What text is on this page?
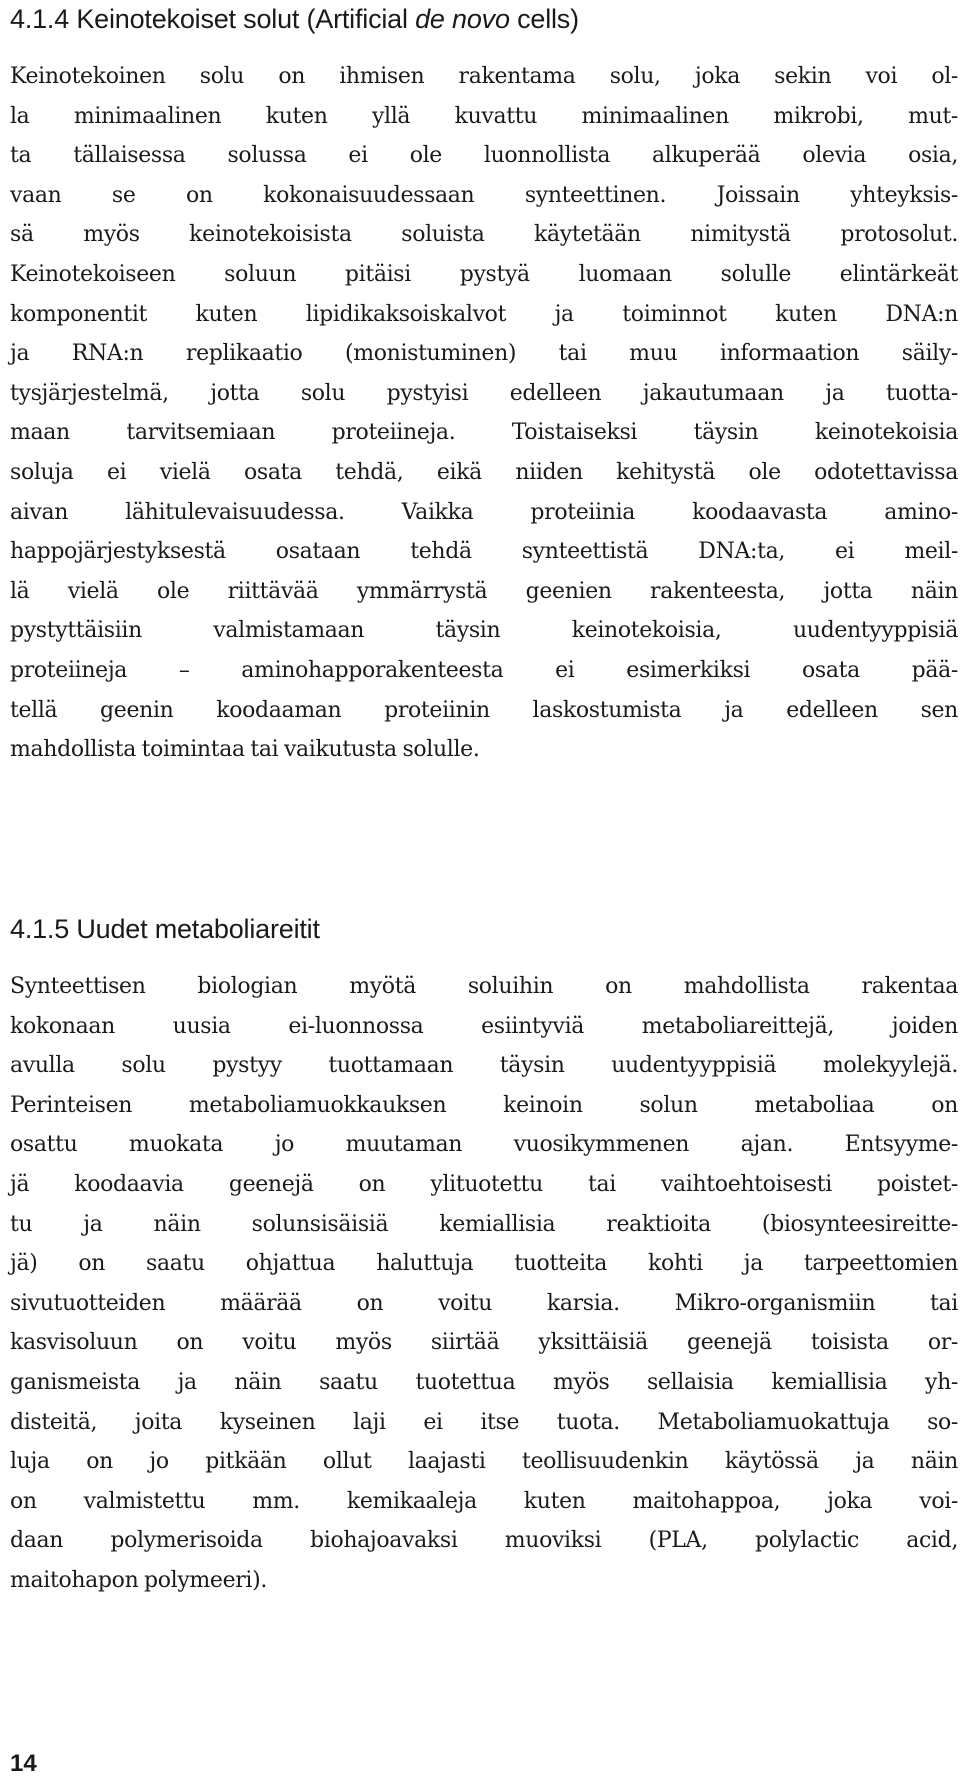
4.1.4 Keinotekoiset solut (Artificial de novo cells)

Keinotekoinen solu on ihmisen rakentama solu, joka sekin voi ol-
la minimaalinen kuten yllä kuvattu minimaalinen mikrobi, mut-
ta tällaisessa solussa ei ole luonnollista alkuperää olevia osia,
vaan se on kokonaisuudessaan synteettinen. Joissain yhteyksis-
sä myös keinotekoisista soluista käytetään nimitystä protosolut.
Keinotekoiseen soluun pitäisi pystyä luomaan solulle elintärkeät
komponentit kuten lipidikaksoiskalvot ja toiminnot kuten DNA:n
ja RNA:n replikaatio (monistuminen) tai muu informaation säily-
tysjärjestelmä, jotta solu pystyisi edelleen jakautumaan ja tuotta-
maan tarvitsemiaan proteiineja. Toistaiseksi täysin keinotekoisia
soluja ei vielä osata tehdä, eikä niiden kehitystä ole odotettavissa
aivan lähitulevaisuudessa. Vaikka proteiinia koodaavasta amino-
happojärjestyksestä osataan tehdä synteettistä DNA:ta, ei meil-
lä vielä ole riittävää ymmärrystä geenien rakenteesta, jotta näin
pystyttäisiin valmistamaan täysin keinotekoisia, uudentyyppisiä
proteiineja – aminohapporakenteesta ei esimerkiksi osata pää-
tellä geenin koodaaman proteiinin laskostumista ja edelleen sen
mahdollista toimintaa tai vaikutusta solulle.

4.1.5 Uudet metaboliareitit

Synteettisen biologian myötä soluihin on mahdollista rakentaa
kokonaan uusia ei-luonnossa esiintyviä metaboliareittejä, joiden
avulla solu pystyy tuottamaan täysin uudentyyppisiä molekyylejä.
Perinteisen metaboliamuokkauksen keinoin solun metaboliaa on
osattu muokata jo muutaman vuosikymmenen ajan. Entsyyme-
jä koodaavia geenejä on ylituotettu tai vaihtoehtoisesti poistet-
tu ja näin solunsisäisiä kemiallisia reaktioita (biosynteesireitte-
jä) on saatu ohjattua haluttuja tuotteita kohti ja tarpeettomien
sivutuotteiden määrää on voitu karsia. Mikro-organismiin tai
kasvisoluun on voitu myös siirtää yksittäisiä geenejä toisista or-
ganismeista ja näin saatu tuotettua myös sellaisia kemiallisia yh-
disteitä, joita kyseinen laji ei itse tuota. Metaboliamuokattuja so-
luja on jo pitkään ollut laajasti teollisuudenkin käytössä ja näin
on valmistettu mm. kemikaaleja kuten maitohappoa, joka voi-
daan polymerisoida biohajoavaksi muoviksi (PLA, polylactic acid,
maitohapon polymeeri).

14
